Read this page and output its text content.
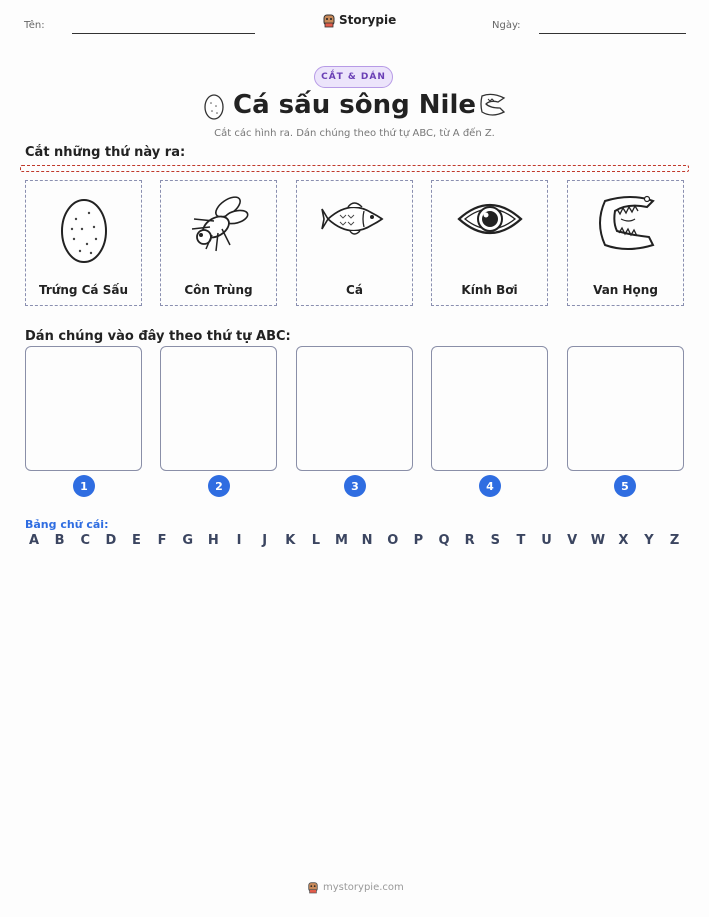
Tên:	Storypie	Ngày:
CẮT & DÁN
Cá sấu sông Nile
Cắt các hình ra. Dán chúng theo thứ tự ABC, từ A đến Z.
Cắt những thứ này ra:
Trứng Cá Sấu	Côn Trùng	Cá	Kính Bơi	Van Họng
Dán chúng vào đây theo thứ tự ABC:
1	2	3	4	5
Bảng chữ cái:
A B C D E F G H	I	J	K L M N O P Q R S T U V W X Y Z
mystorypie.com
